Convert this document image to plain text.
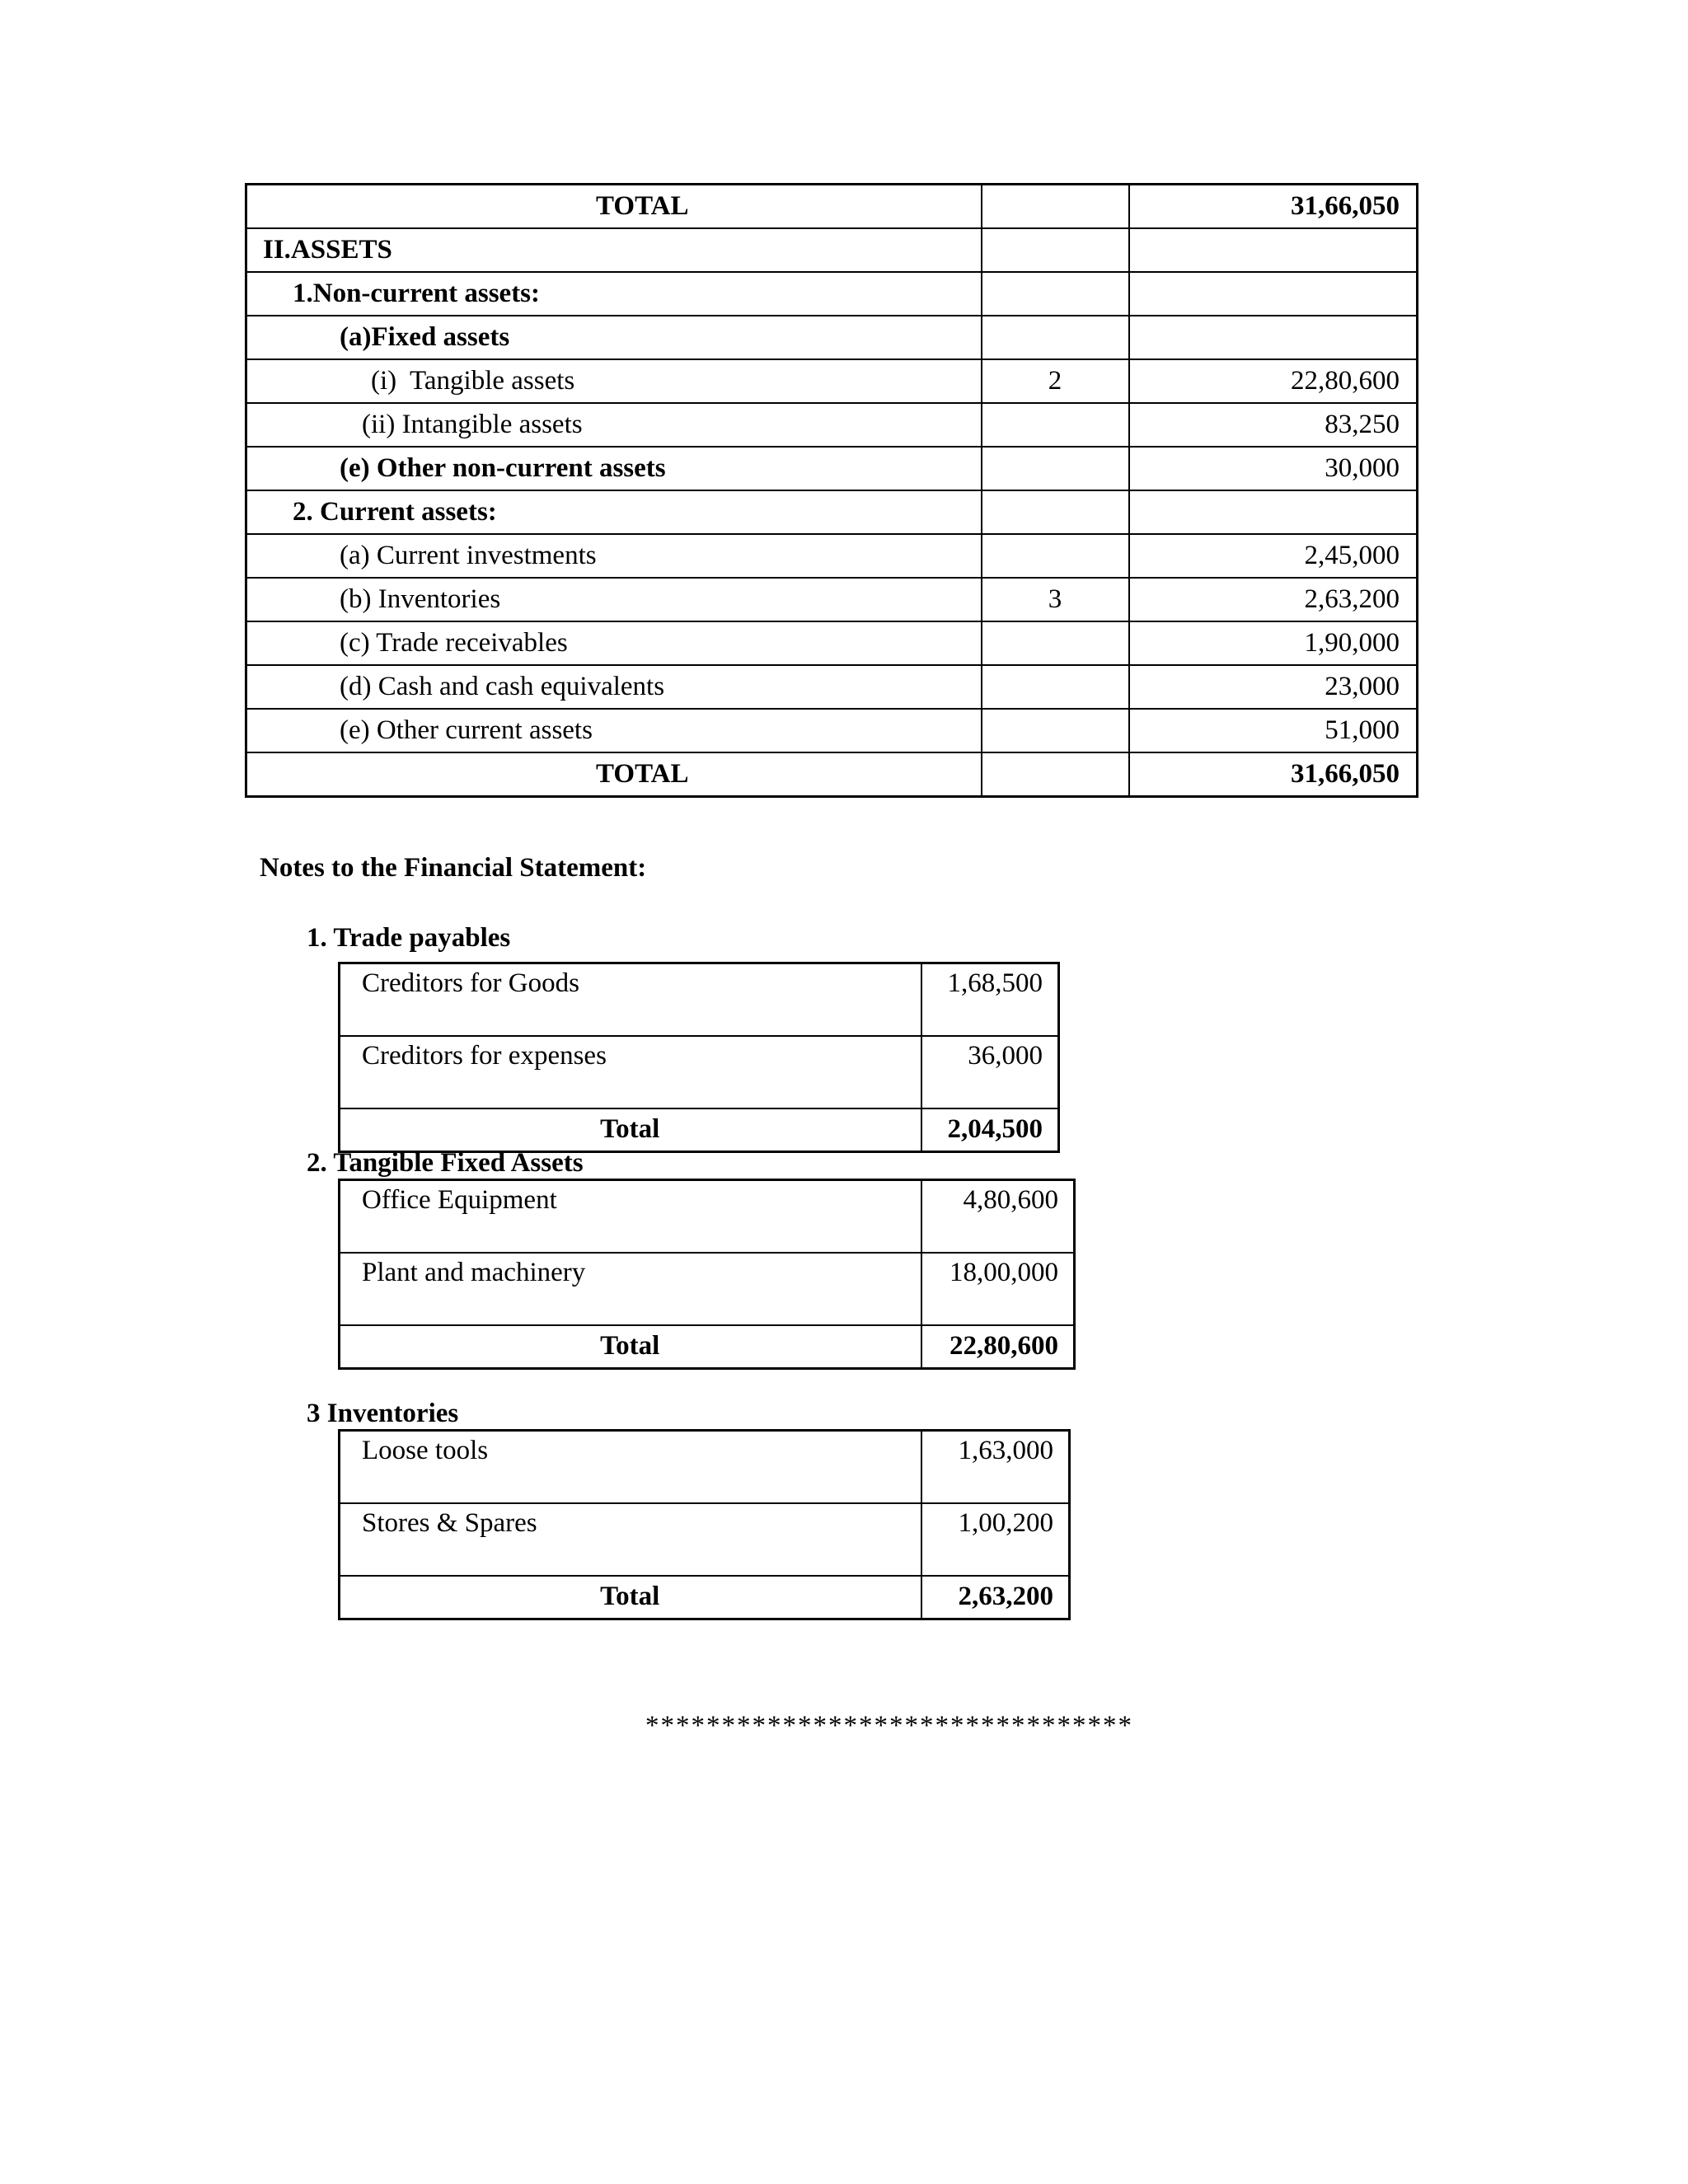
TOTAL		31,66,050
II.ASSETS		
1.Non-current assets:		
(a)Fixed assets		
(i)  Tangible assets	2	22,80,600
(ii) Intangible assets		83,250
(e) Other non-current assets		30,000
2. Current assets:		
(a) Current investments		2,45,000
(b) Inventories	3	2,63,200
(c) Trade receivables		1,90,000
(d) Cash and cash equivalents		23,000
(e) Other current assets		51,000
TOTAL		31,66,050
Notes to the Financial Statement:
1. Trade payables
Creditors for Goods	1,68,500
Creditors for expenses	36,000
Total	2,04,500
2. Tangible Fixed Assets
Office Equipment	4,80,600
Plant and machinery	18,00,000
Total	22,80,600
3 Inventories
Loose tools	1,63,000
Stores & Spares	1,00,200
Total	2,63,200
********************************
